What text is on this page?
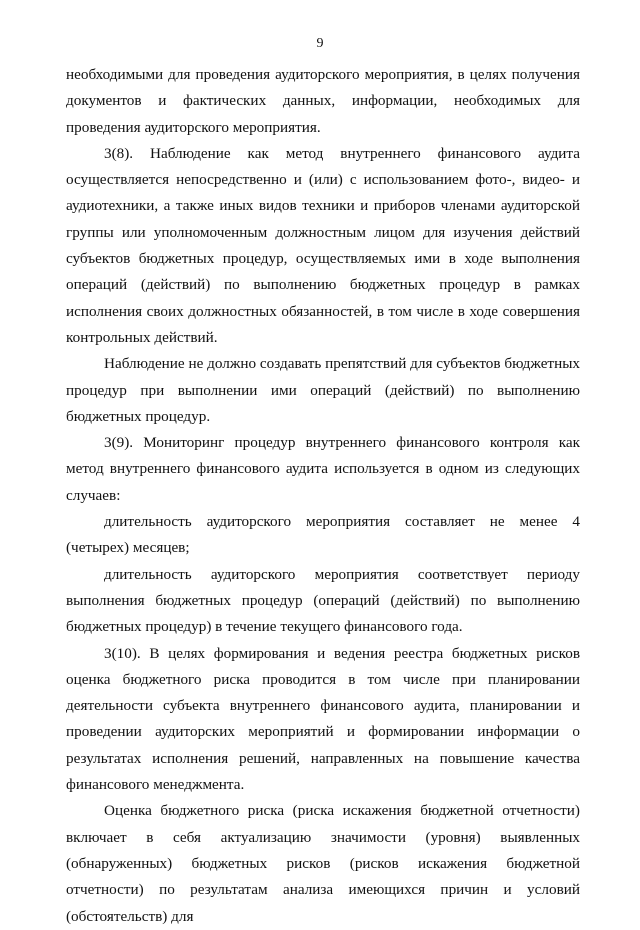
9

необходимыми для проведения аудиторского мероприятия, в целях получения документов и фактических данных, информации, необходимых для проведения аудиторского мероприятия.

3(8). Наблюдение как метод внутреннего финансового аудита осуществляется непосредственно и (или) с использованием фото-, видео- и аудиотехники, а также иных видов техники и приборов членами аудиторской группы или уполномоченным должностным лицом для изучения действий субъектов бюджетных процедур, осуществляемых ими в ходе выполнения операций (действий) по выполнению бюджетных процедур в рамках исполнения своих должностных обязанностей, в том числе в ходе совершения контрольных действий.

Наблюдение не должно создавать препятствий для субъектов бюджетных процедур при выполнении ими операций (действий) по выполнению бюджетных процедур.

3(9). Мониторинг процедур внутреннего финансового контроля как метод внутреннего финансового аудита используется в одном из следующих случаев:

длительность аудиторского мероприятия составляет не менее 4 (четырех) месяцев;

длительность аудиторского мероприятия соответствует периоду выполнения бюджетных процедур (операций (действий) по выполнению бюджетных процедур) в течение текущего финансового года.

3(10). В целях формирования и ведения реестра бюджетных рисков оценка бюджетного риска проводится в том числе при планировании деятельности субъекта внутреннего финансового аудита, планировании и проведении аудиторских мероприятий и формировании информации о результатах исполнения решений, направленных на повышение качества финансового менеджмента.

Оценка бюджетного риска (риска искажения бюджетной отчетности) включает в себя актуализацию значимости (уровня) выявленных (обнаруженных) бюджетных рисков (рисков искажения бюджетной отчетности) по результатам анализа имеющихся причин и условий (обстоятельств) для
